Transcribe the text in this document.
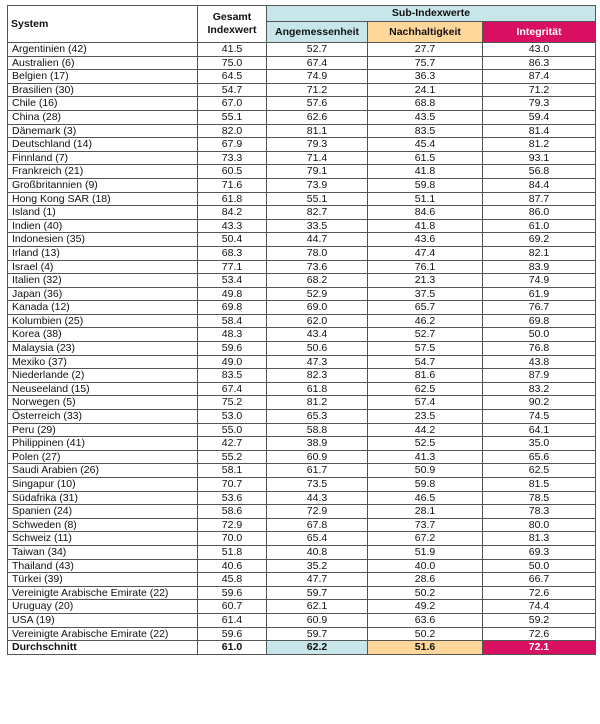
System	Gesamt Indexwert	Sub-Indexwerte		
		Angemessenheit	Nachhaltigkeit	Integrität
Argentinien (42)	41.5	52.7	27.7	43.0
Australien (6)	75.0	67.4	75.7	86.3
Belgien (17)	64.5	74.9	36.3	87.4
Brasilien (30)	54.7	71.2	24.1	71.2
Chile (16)	67.0	57.6	68.8	79.3
China (28)	55.1	62.6	43.5	59.4
Dänemark (3)	82.0	81.1	83.5	81.4
Deutschland (14)	67.9	79.3	45.4	81.2
Finnland (7)	73.3	71.4	61.5	93.1
Frankreich (21)	60.5	79.1	41.8	56.8
Großbritannien (9)	71.6	73.9	59.8	84.4
Hong Kong SAR (18)	61.8	55.1	51.1	87.7
Island (1)	84.2	82.7	84.6	86.0
Indien (40)	43.3	33.5	41.8	61.0
Indonesien (35)	50.4	44.7	43.6	69.2
Irland (13)	68.3	78.0	47.4	82.1
Israel (4)	77.1	73.6	76.1	83.9
Italien (32)	53.4	68.2	21.3	74.9
Japan (36)	49.8	52.9	37.5	61.9
Kanada (12)	69.8	69.0	65.7	76.7
Kolumbien (25)	58.4	62.0	46.2	69.8
Korea (38)	48.3	43.4	52.7	50.0
Malaysia (23)	59.6	50.6	57.5	76.8
Mexiko (37)	49.0	47.3	54.7	43.8
Niederlande (2)	83.5	82.3	81.6	87.9
Neuseeland (15)	67.4	61.8	62.5	83.2
Norwegen (5)	75.2	81.2	57.4	90.2
Österreich (33)	53.0	65.3	23.5	74.5
Peru (29)	55.0	58.8	44.2	64.1
Philippinen (41)	42.7	38.9	52.5	35.0
Polen (27)	55.2	60.9	41.3	65.6
Saudi Arabien (26)	58.1	61.7	50.9	62.5
Singapur (10)	70.7	73.5	59.8	81.5
Südafrika (31)	53.6	44.3	46.5	78.5
Spanien (24)	58.6	72.9	28.1	78.3
Schweden (8)	72.9	67.8	73.7	80.0
Schweiz (11)	70.0	65.4	67.2	81.3
Taiwan (34)	51.8	40.8	51.9	69.3
Thailand (43)	40.6	35.2	40.0	50.0
Türkei (39)	45.8	47.7	28.6	66.7
Vereinigte Arabische Emirate (22)	59.6	59.7	50.2	72.6
Uruguay (20)	60.7	62.1	49.2	74.4
USA (19)	61.4	60.9	63.6	59.2
Vereinigte Arabische Emirate (22)	59.6	59.7	50.2	72.6
Durchschnitt	61.0	62.2	51.6	72.1
